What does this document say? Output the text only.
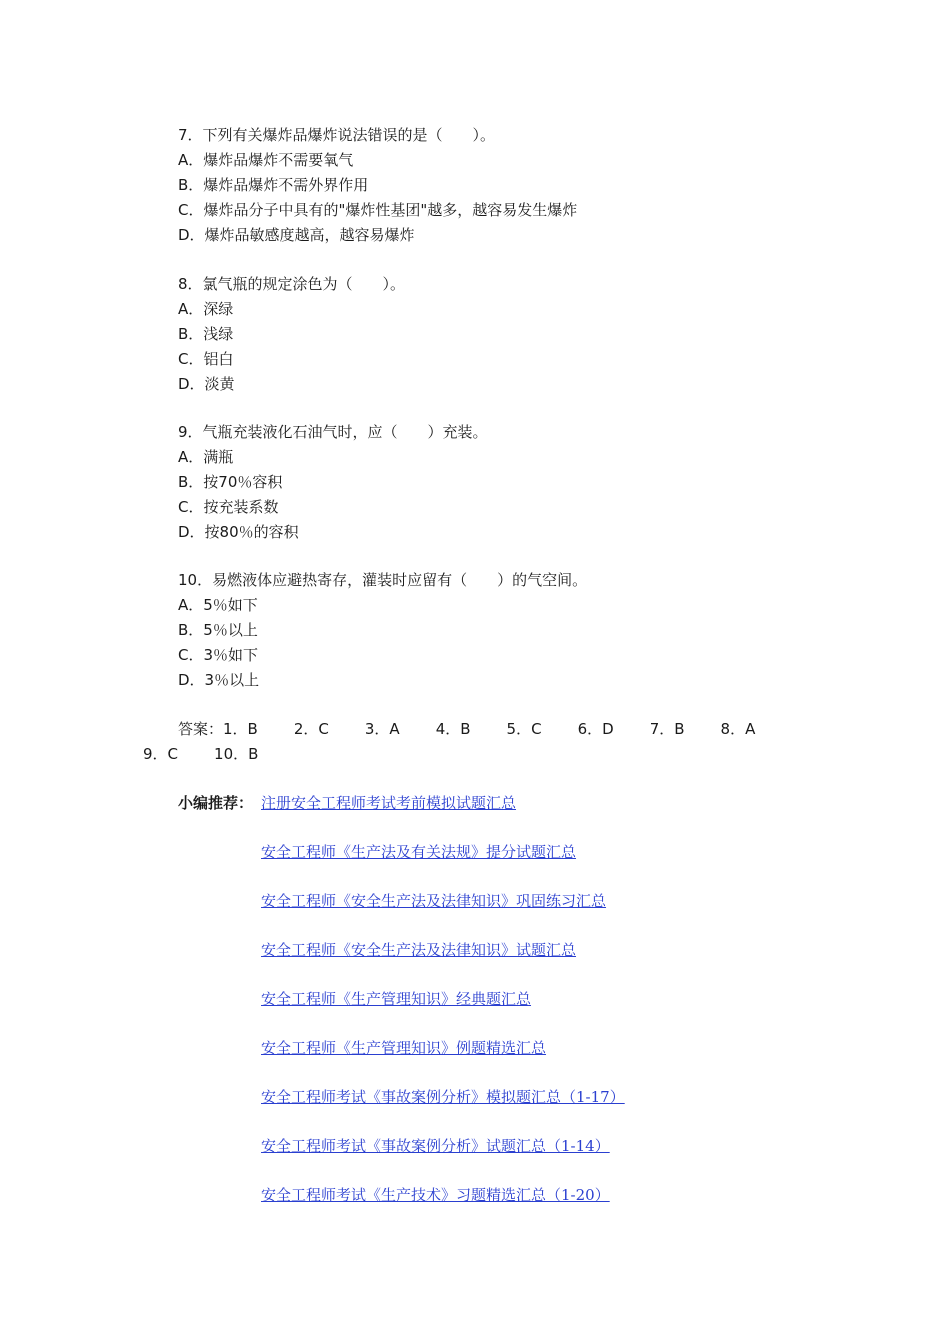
7．下列有关爆炸品爆炸说法错误的是（　　）。
A．爆炸品爆炸不需要氧气
B．爆炸品爆炸不需外界作用
C．爆炸品分子中具有的"爆炸性基团"越多，越容易发生爆炸
D．爆炸品敏感度越高，越容易爆炸
8．氯气瓶的规定涂色为（　　）。
A．深绿
B．浅绿
C．铝白
D．淡黄
9．气瓶充装液化石油气时，应（　　）充装。
A．满瓶
B．按70％容积
C．按充装系数
D．按80％的容积
10．易燃液体应避热寄存，灌装时应留有（　　）的气空间。
A．5％如下
B．5％以上
C．3％如下
D．3％以上
答案：1．B 2．C 3．A 4．B 5．C 6．D 7．B 8．A
9．C 10．B
小编推荐： 注册安全工程师考试考前模拟试题汇总
安全工程师《生产法及有关法规》提分试题汇总
安全工程师《安全生产法及法律知识》巩固练习汇总
安全工程师《安全生产法及法律知识》试题汇总
安全工程师《生产管理知识》经典题汇总
安全工程师《生产管理知识》例题精选汇总
安全工程师考试《事故案例分析》模拟题汇总（1-17）
安全工程师考试《事故案例分析》试题汇总（1-14）
安全工程师考试《生产技术》习题精选汇总（1-20）
